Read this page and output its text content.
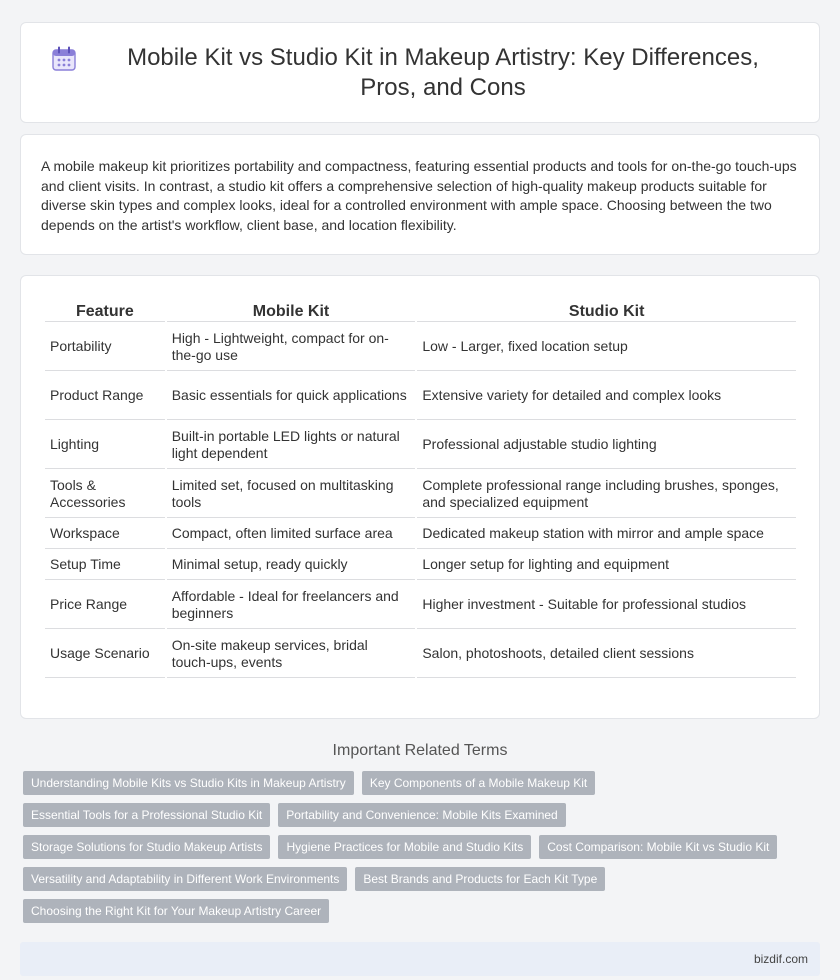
Mobile Kit vs Studio Kit in Makeup Artistry: Key Differences, Pros, and Cons

A mobile makeup kit prioritizes portability and compactness, featuring essential products and tools for on-the-go touch-ups and client visits. In contrast, a studio kit offers a comprehensive selection of high-quality makeup products suitable for diverse skin types and complex looks, ideal for a controlled environment with ample space. Choosing between the two depends on the artist's workflow, client base, and location flexibility.

Feature	Mobile Kit	Studio Kit
Portability	High - Lightweight, compact for on-the-go use	Low - Larger, fixed location setup
Product Range	Basic essentials for quick applications	Extensive variety for detailed and complex looks
Lighting	Built-in portable LED lights or natural light dependent	Professional adjustable studio lighting
Tools & Accessories	Limited set, focused on multitasking tools	Complete professional range including brushes, sponges, and specialized equipment
Workspace	Compact, often limited surface area	Dedicated makeup station with mirror and ample space
Setup Time	Minimal setup, ready quickly	Longer setup for lighting and equipment
Price Range	Affordable - Ideal for freelancers and beginners	Higher investment - Suitable for professional studios
Usage Scenario	On-site makeup services, bridal touch-ups, events	Salon, photoshoots, detailed client sessions
Important Related Terms
Understanding Mobile Kits vs Studio Kits in Makeup Artistry	Key Components of a Mobile Makeup Kit
Essential Tools for a Professional Studio Kit	Portability and Convenience: Mobile Kits Examined
Storage Solutions for Studio Makeup Artists	Hygiene Practices for Mobile and Studio Kits	Cost Comparison: Mobile Kit vs Studio Kit
Versatility and Adaptability in Different Work Environments	Best Brands and Products for Each Kit Type
Choosing the Right Kit for Your Makeup Artistry Career
bizdif.com
